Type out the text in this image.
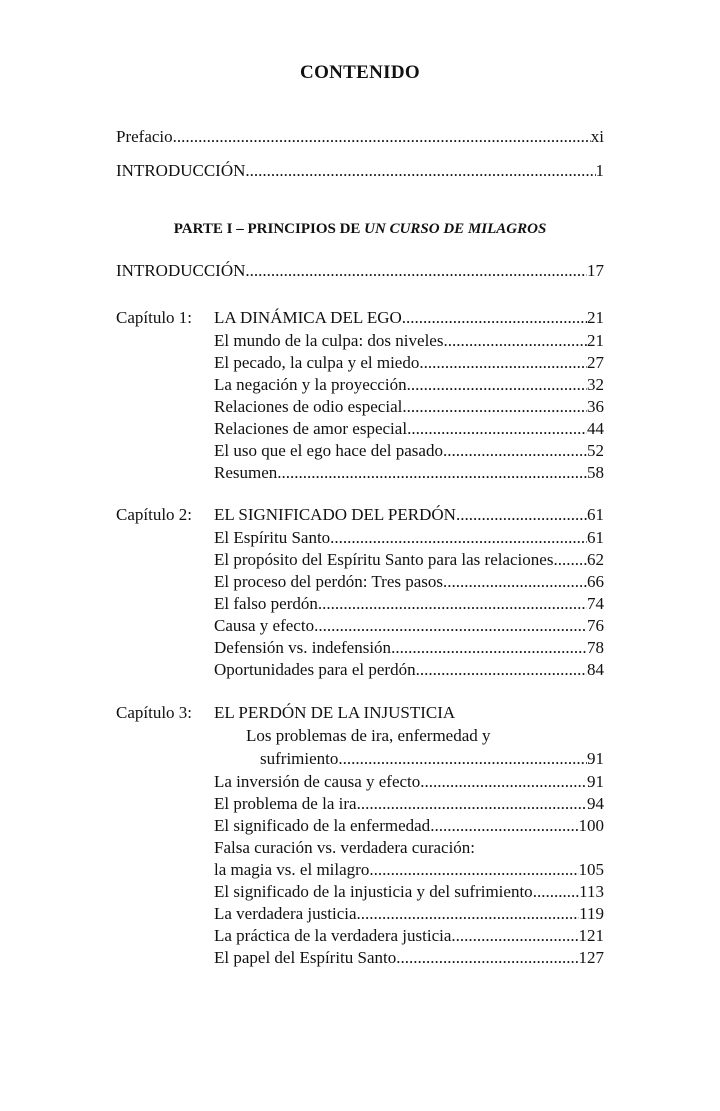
CONTENIDO
Prefacio .....	xi
INTRODUCCIÓN .....	1
PARTE I – PRINCIPIOS DE UN CURSO DE MILAGROS
INTRODUCCIÓN .....	17
Capítulo 1: LA DINÁMICA DEL EGO .....	21
El mundo de la culpa: dos niveles .....	21
El pecado, la culpa y el miedo .....	27
La negación y la proyección .....	32
Relaciones de odio especial .....	36
Relaciones de amor especial .....	44
El uso que el ego hace del pasado .....	52
Resumen .....	58
Capítulo 2: EL SIGNIFICADO DEL PERDÓN .....	61
El Espíritu Santo .....	61
El propósito del Espíritu Santo para las relaciones. ..... 62
El proceso del perdón: Tres pasos .....	66
El falso perdón .....	74
Causa y efecto .....	76
Defensión vs. indefensión .....	78
Oportunidades para el perdón .....	84
Capítulo 3: EL PERDÓN DE LA INJUSTICIA
Los problemas de ira, enfermedad y
sufrimiento .....	91
La inversión de causa y efecto .....	91
El problema de la ira .....	94
El significado de la enfermedad .....	100
Falsa curación vs. verdadera curación:
la magia vs. el milagro .....	105
El significado de la injusticia y del sufrimiento .....	113
La verdadera justicia .....	119
La práctica de la verdadera justicia .....	121
El papel del Espíritu Santo .....	127
